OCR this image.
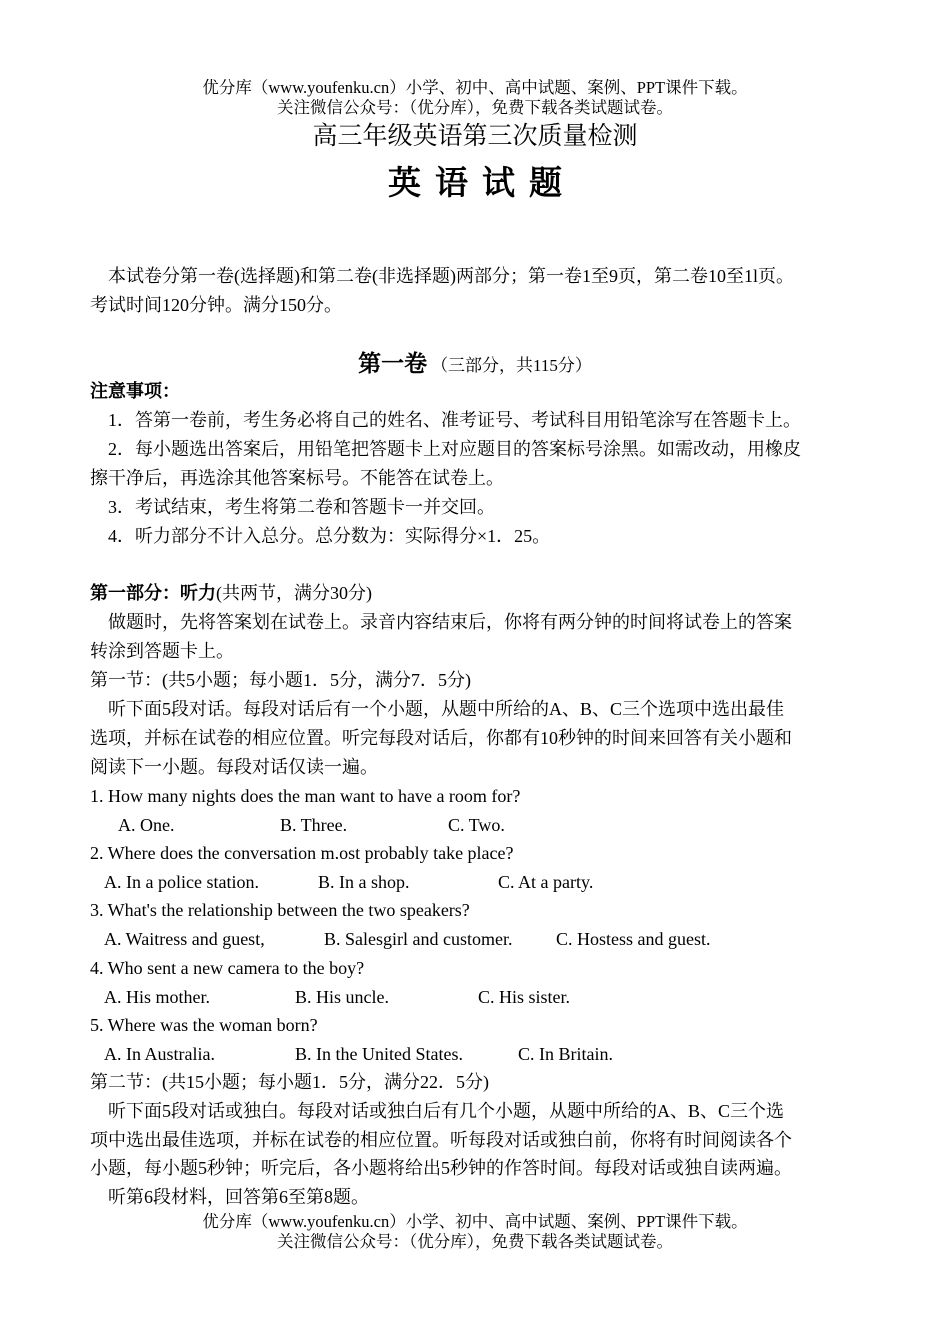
优分库（www.youfenku.cn）小学、初中、高中试题、案例、PPT课件下载。
关注微信公众号：（优分库），免费下载各类试题试卷。
高三年级英语第三次质量检测
英语试题
本试卷分第一卷(选择题)和第二卷(非选择题)两部分；第一卷1至9页，第二卷10至1l页。
考试时间120分钟。满分150分。
第一卷 （三部分，共115分）
注意事项：
1．答第一卷前，考生务必将自己的姓名、准考证号、考试科目用铅笔涂写在答题卡上。
2．每小题选出答案后，用铅笔把答题卡上对应题目的答案标号涂黑。如需改动，用橡皮
擦干净后，再选涂其他答案标号。不能答在试卷上。
3．考试结束，考生将第二卷和答题卡一并交回。
4．听力部分不计入总分。总分数为：实际得分×1．25。
第一部分：听力(共两节，满分30分)
做题时，先将答案划在试卷上。录音内容结束后，你将有两分钟的时间将试卷上的答案
转涂到答题卡上。
第一节：(共5小题；每小题1．5分，满分7．5分)
听下面5段对话。每段对话后有一个小题，从题中所给的A、B、C三个选项中选出最佳
选项，并标在试卷的相应位置。听完每段对话后，你都有10秒钟的时间来回答有关小题和
阅读下一小题。每段对话仅读一遍。
1. How many nights does the man want to have a room for?
A. One.	B. Three.	C. Two.
2. Where does the conversation m.ost probably take place?
A. In a police station.	B. In a shop.	C. At a party.
3. What's the relationship between the two speakers?
A. Waitress and guest,	B. Salesgirl and customer. C. Hostess and guest.
4. Who sent a new camera to the boy?
A. His mother.	B. His uncle.	C. His sister.
5. Where was the woman born?
A. In Australia.	B. In the United States.	C. In Britain.
第二节：(共15小题；每小题1．5分，满分22．5分)
听下面5段对话或独白。每段对话或独白后有几个小题，从题中所给的A、B、C三个选
项中选出最佳选项，并标在试卷的相应位置。听每段对话或独白前，你将有时间阅读各个
小题，每小题5秒钟；听完后，各小题将给出5秒钟的作答时间。每段对话或独自读两遍。
听第6段材料，回答第6至第8题。
优分库（www.youfenku.cn）小学、初中、高中试题、案例、PPT课件下载。
关注微信公众号：（优分库），免费下载各类试题试卷。
